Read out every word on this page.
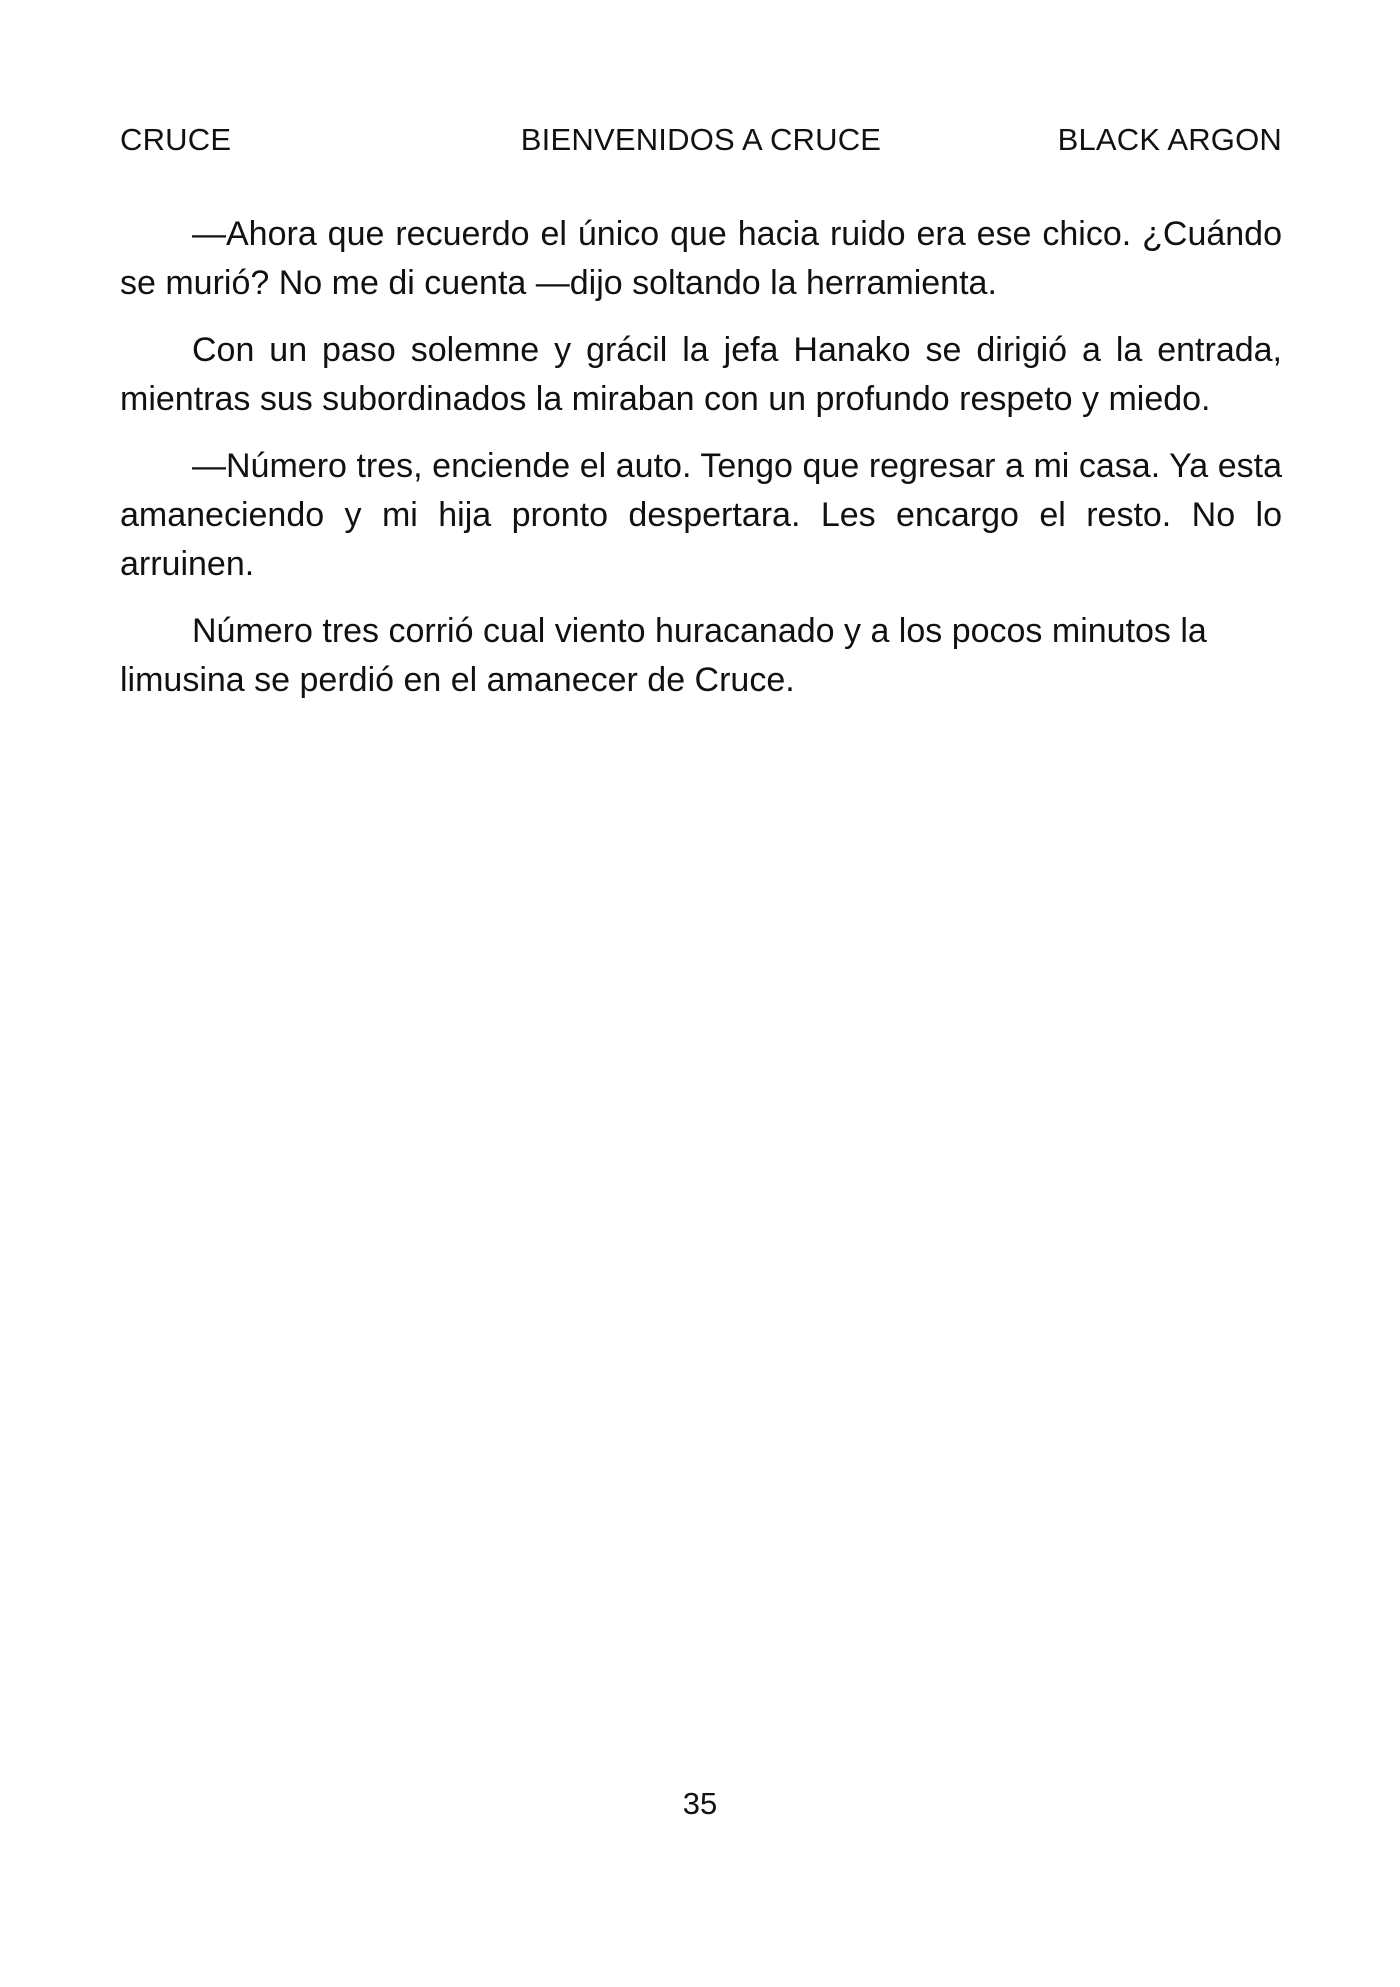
CRUCE	BIENVENIDOS A CRUCE	BLACK ARGON

—Ahora que recuerdo el único que hacia ruido era ese chico. ¿Cuándo se murió? No me di cuenta —dijo soltando la herramienta.

Con un paso solemne y grácil la jefa Hanako se dirigió a la entrada, mientras sus subordinados la miraban con un profundo respeto y miedo.

—Número tres, enciende el auto. Tengo que regresar a mi casa. Ya esta amaneciendo y mi hija pronto despertara. Les encargo el resto. No lo arruinen.

Número tres corrió cual viento huracanado y a los pocos minutos la limusina se perdió en el amanecer de Cruce.

35
